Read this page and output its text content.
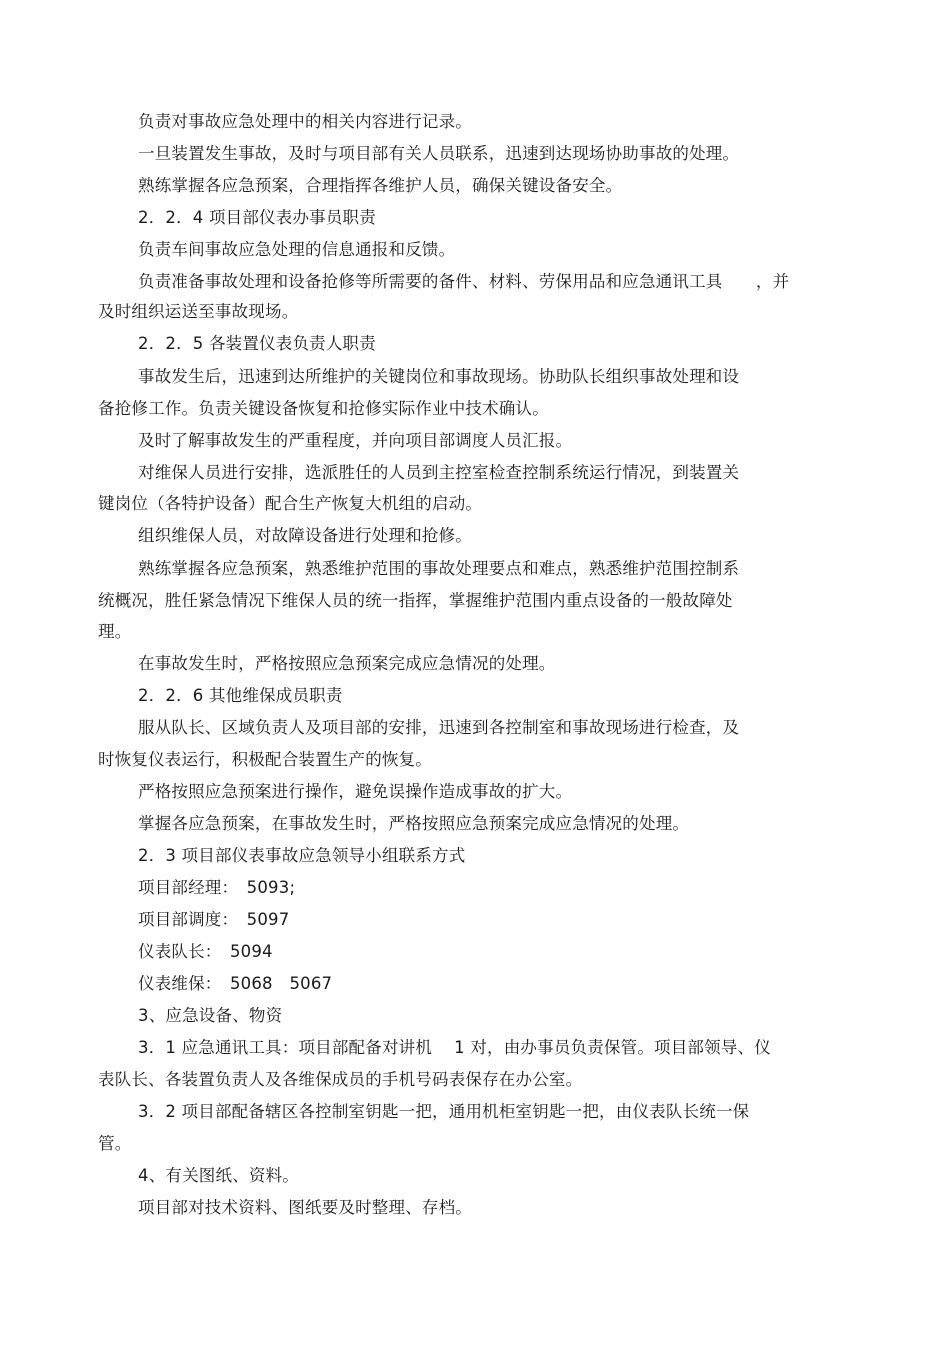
负责对事故应急处理中的相关内容进行记录。
一旦装置发生事故，及时与项目部有关人员联系，迅速到达现场协助事故的处理。
熟练掌握各应急预案，合理指挥各维护人员，确保关键设备安全。
2．2．4 项目部仪表办事员职责
负责车间事故应急处理的信息通报和反馈。
负责准备事故处理和设备抢修等所需要的备件、材料、劳保用品和应急通讯工具　　，并
及时组织运送至事故现场。
2．2．5 各装置仪表负责人职责
事故发生后，迅速到达所维护的关键岗位和事故现场。协助队长组织事故处理和设
备抢修工作。负责关键设备恢复和抢修实际作业中技术确认。
及时了解事故发生的严重程度，并向项目部调度人员汇报。
对维保人员进行安排，选派胜任的人员到主控室检查控制系统运行情况，到装置关
键岗位（各特护设备）配合生产恢复大机组的启动。
组织维保人员，对故障设备进行处理和抢修。
熟练掌握各应急预案，熟悉维护范围的事故处理要点和难点，熟悉维护范围控制系
统概况，胜任紧急情况下维保人员的统一指挥，掌握维护范围内重点设备的一般故障处
理。
在事故发生时，严格按照应急预案完成应急情况的处理。
2．2．6 其他维保成员职责
服从队长、区域负责人及项目部的安排，迅速到各控制室和事故现场进行检查，及
时恢复仪表运行，积极配合装置生产的恢复。
严格按照应急预案进行操作，避免误操作造成事故的扩大。
掌握各应急预案，在事故发生时，严格按照应急预案完成应急情况的处理。
2．3 项目部仪表事故应急领导小组联系方式
项目部经理：　5093;
项目部调度：　5097
仪表队长：　5094
仪表维保：　5068　5067
3、应急设备、物资
3．1 应急通讯工具：项目部配备对讲机　 1 对，由办事员负责保管。项目部领导、仪
表队长、各装置负责人及各维保成员的手机号码表保存在办公室。
3．2 项目部配备辖区各控制室钥匙一把，通用机柜室钥匙一把，由仪表队长统一保
管。
4、有关图纸、资料。
项目部对技术资料、图纸要及时整理、存档。
